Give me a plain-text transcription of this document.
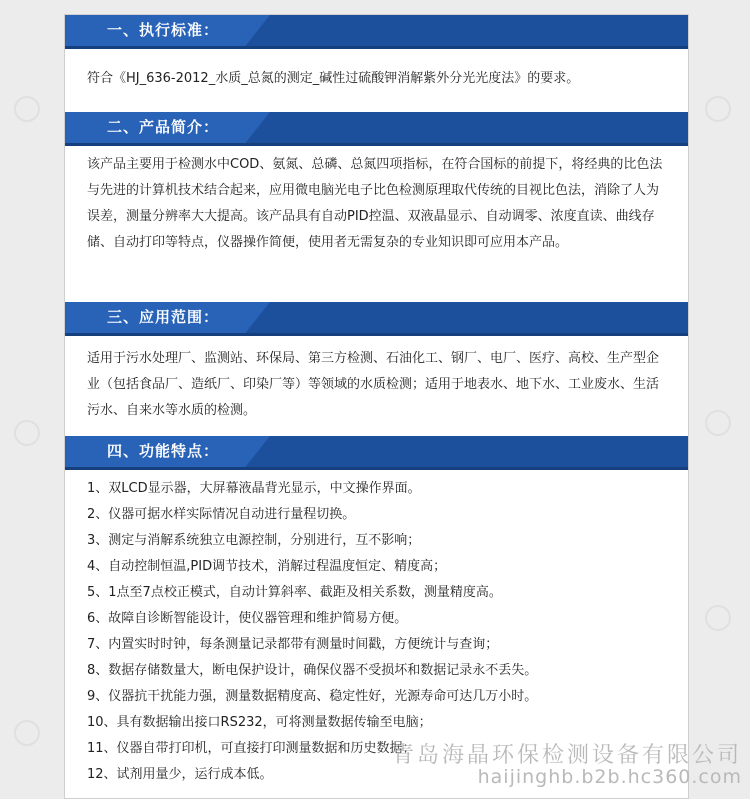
一、执行标准：
符合《HJ_636-2012_水质_总氮的测定_碱性过硫酸钾消解紫外分光光度法》的要求。
二、产品简介：
该产品主要用于检测水中COD、氨氮、总磷、总氮四项指标，在符合国标的前提下，将经典的比色法
与先进的计算机技术结合起来，应用微电脑光电子比色检测原理取代传统的目视比色法，消除了人为
误差，测量分辨率大大提高。该产品具有自动PID控温、双液晶显示、自动调零、浓度直读、曲线存
储、自动打印等特点，仪器操作简便，使用者无需复杂的专业知识即可应用本产品。
三、应用范围：
适用于污水处理厂、监测站、环保局、第三方检测、石油化工、钢厂、电厂、医疗、高校、生产型企
业（包括食品厂、造纸厂、印染厂等）等领域的水质检测；适用于地表水、地下水、工业废水、生活
污水、自来水等水质的检测。
四、功能特点：
1、双LCD显示器，大屏幕液晶背光显示，中文操作界面。
2、仪器可据水样实际情况自动进行量程切换。
3、测定与消解系统独立电源控制，分别进行，互不影响；
4、自动控制恒温,PID调节技术，消解过程温度恒定、精度高；
5、1点至7点校正模式，自动计算斜率、截距及相关系数，测量精度高。
6、故障自诊断智能设计，使仪器管理和维护简易方便。
7、内置实时时钟，每条测量记录都带有测量时间戳，方便统计与查询；
8、数据存储数量大，断电保护设计，确保仪器不受损坏和数据记录永不丢失。
9、仪器抗干扰能力强，测量数据精度高、稳定性好，光源寿命可达几万小时。
10、具有数据输出接口RS232，可将测量数据传输至电脑；
11、仪器自带打印机，可直接打印测量数据和历史数据；
12、试剂用量少，运行成本低。
青岛海晶环保检测设备有限公司
haijinghb.b2b.hc360.com
